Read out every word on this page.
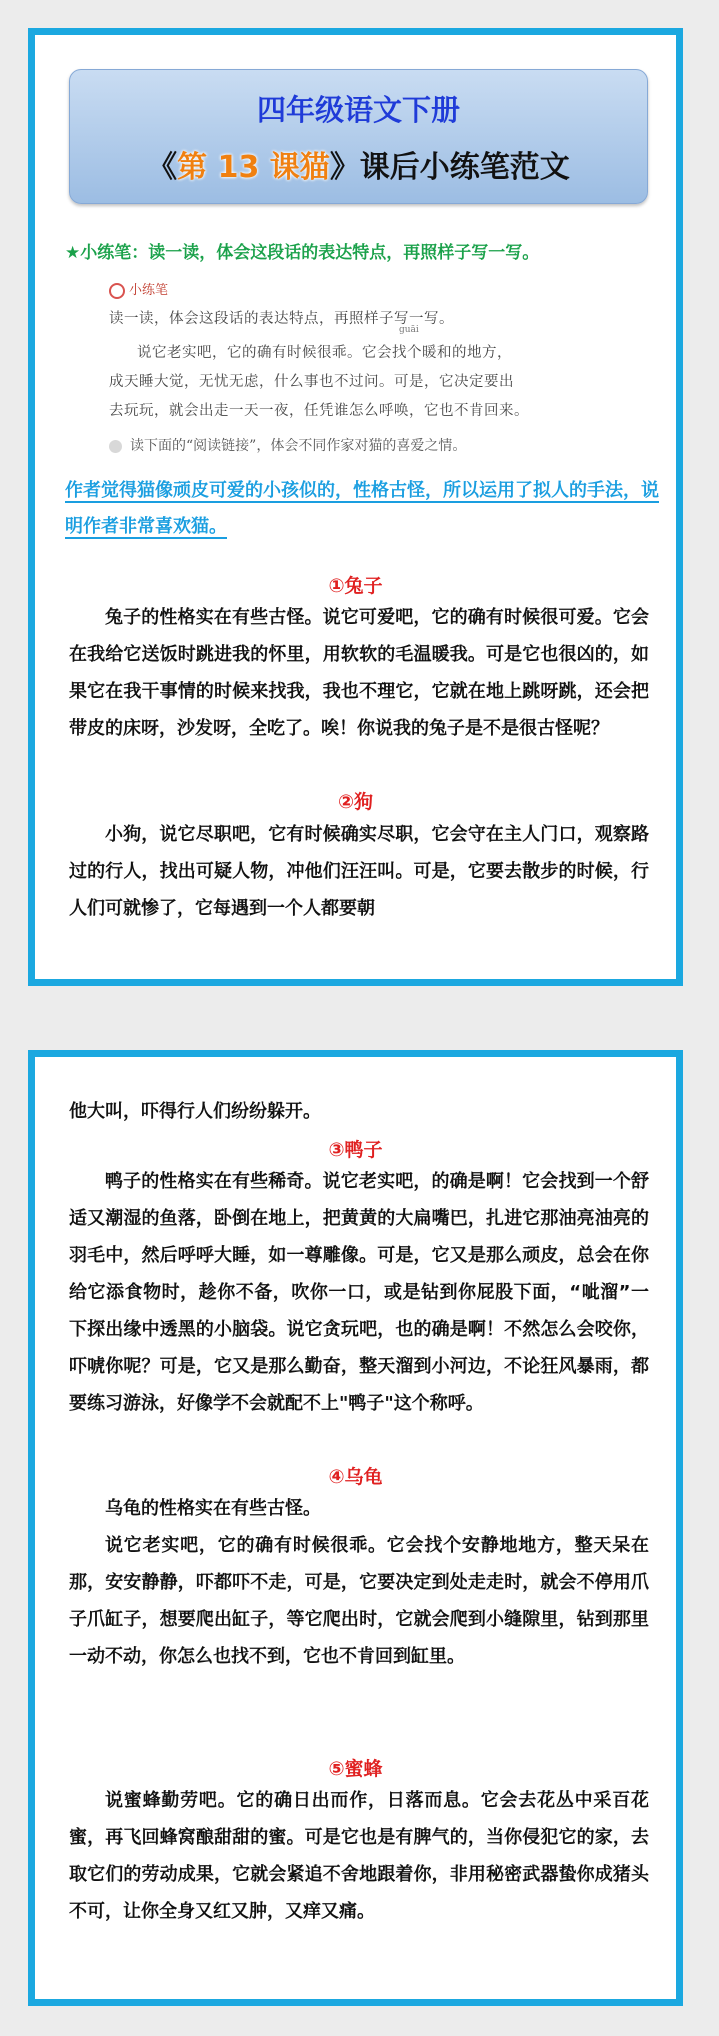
四年级语文下册
《第 13 课猫》课后小练笔范文
★小练笔：读一读，体会这段话的表达特点，再照样子写一写。
小练笔
读一读，体会这段话的表达特点，再照样子写一写。
guāi
说它老实吧，它的确有时候很乖。它会找个暖和的地方，
成天睡大觉，无忧无虑，什么事也不过问。可是，它决定要出
去玩玩，就会出走一天一夜，任凭谁怎么呼唤，它也不肯回来。
读下面的“阅读链接”，体会不同作家对猫的喜爱之情。
作者觉得猫像顽皮可爱的小孩似的，性格古怪，所以运用了拟人的手法，说明作者非常喜欢猫。
①兔子
兔子的性格实在有些古怪。说它可爱吧，它的确有时候很可爱。它会在我给它送饭时跳进我的怀里，用软软的毛温暖我。可是它也很凶的，如果它在我干事情的时候来找我，我也不理它，它就在地上跳呀跳，还会把带皮的床呀，沙发呀，全吃了。唉！你说我的兔子是不是很古怪呢？
②狗
小狗，说它尽职吧，它有时候确实尽职，它会守在主人门口，观察路过的行人，找出可疑人物，冲他们汪汪叫。可是，它要去散步的时候，行人们可就惨了，它每遇到一个人都要朝
他大叫，吓得行人们纷纷躲开。
③鸭子
鸭子的性格实在有些稀奇。说它老实吧，的确是啊！它会找到一个舒适又潮湿的鱼落，卧倒在地上，把黄黄的大扁嘴巴，扎进它那油亮油亮的羽毛中，然后呼呼大睡，如一尊雕像。可是，它又是那么顽皮，总会在你给它添食物时，趁你不备，吹你一口，或是钻到你屁股下面，“呲溜”一下探出缘中透黑的小脑袋。说它贪玩吧，也的确是啊！不然怎么会咬你，吓唬你呢？可是，它又是那么勤奋，整天溜到小河边，不论狂风暴雨，都要练习游泳，好像学不会就配不上"鸭子"这个称呼。
④乌龟
乌龟的性格实在有些古怪。
说它老实吧，它的确有时候很乖。它会找个安静地地方，整天呆在那，安安静静，吓都吓不走，可是，它要决定到处走走时，就会不停用爪子爪缸子，想要爬出缸子，等它爬出时，它就会爬到小缝隙里，钻到那里一动不动，你怎么也找不到，它也不肯回到缸里。
⑤蜜蜂
说蜜蜂勤劳吧。它的确日出而作，日落而息。它会去花丛中采百花蜜，再飞回蜂窝酿甜甜的蜜。可是它也是有脾气的，当你侵犯它的家，去取它们的劳动成果，它就会紧追不舍地跟着你，非用秘密武器蛰你成猪头不可，让你全身又红又肿，又痒又痛。
